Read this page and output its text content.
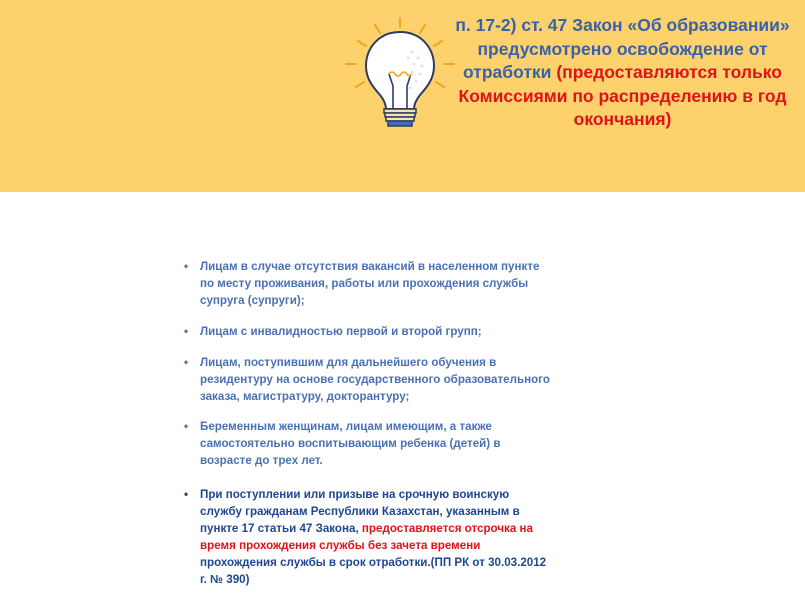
п. 17-2) ст. 47 Закон «Об образовании» предусмотрено освобождение от отработки (предоставляются только Комиссиями по распределению в год окончания)
• Лицам в случае отсутствия вакансий в населенном пункте по месту проживания, работы или прохождения службы супруга (супруги);
• Лицам с инвалидностью первой и второй групп;
• Лицам, поступившим для дальнейшего обучения в резидентуру на основе государственного образовательного заказа, магистратуру, докторантуру;
• Беременным женщинам, лицам имеющим, а также самостоятельно воспитывающим ребенка (детей) в возрасте до трех лет.
• При поступлении или призыве на срочную воинскую службу гражданам Республики Казахстан, указанным в пункте 17 статьи 47 Закона, предоставляется отсрочка на время прохождения службы без зачета времени прохождения службы в срок отработки.(ПП РК от 30.03.2012 г. № 390)
